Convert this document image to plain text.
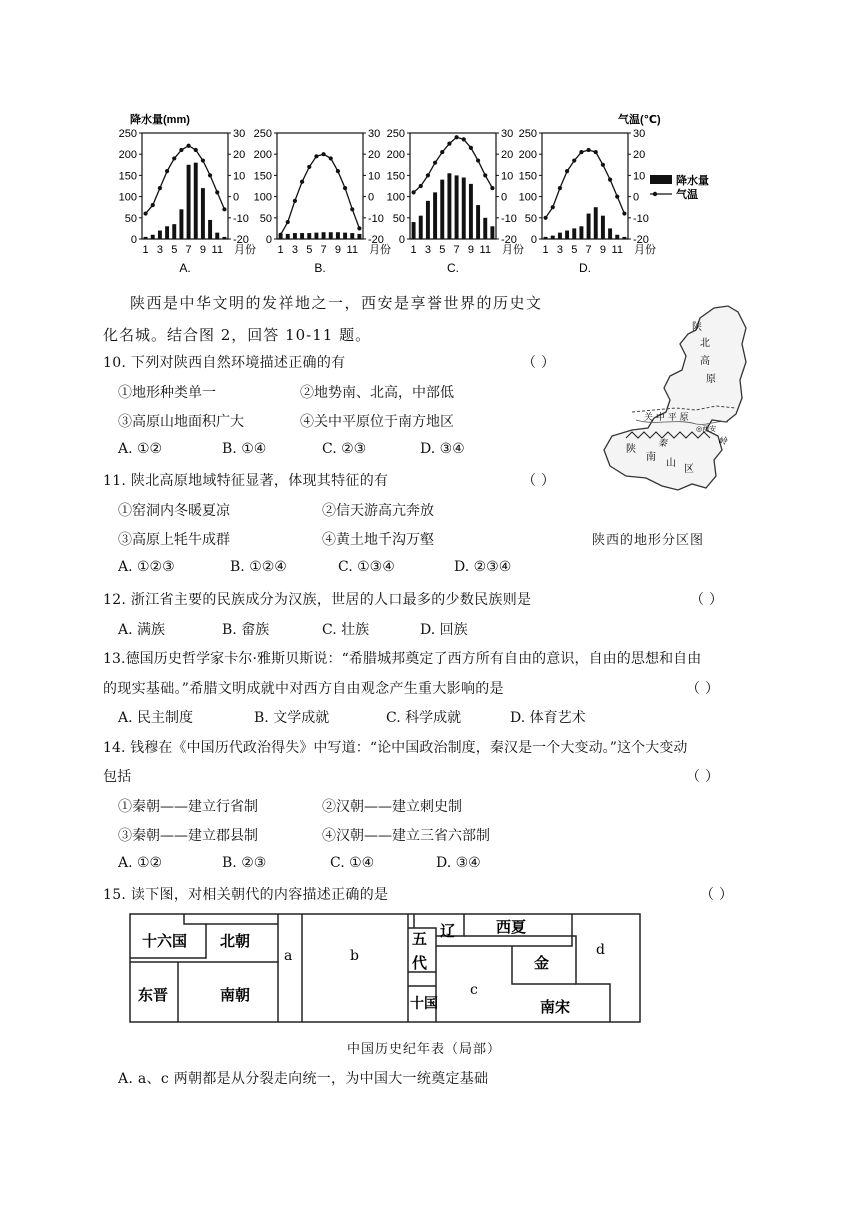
降水量(mm)	气温(℃)
250	30
200	20
150	10
100	0
50	-10
0	-20
1 3 5 7 9 11 月份
A.
250	30
200	20
150	10
100	0
50	-10
0	-20
1 3 5 7 9 11 月份
B.
250	30
200	20
150	10
100	0
50	-10
0	-20
1 3 5 7 9 11 月份
C.
250	30
200	20
150	10
100	0
50	-10
0	-20
1 3 5 7 9 11 月份
D.
降水量
气温
陕西是中华文明的发祥地之一，西安是享誉世界的历史文
化名城。结合图 2，回答 10-11 题。	陕
北
高
原
关 中 平 原
◎西安
秦	岭
陕
南
山
区
陕西的地形分区图
10. 下列对陕西自然环境描述正确的有	（ ）
①地形种类单一	②地势南、北高，中部低
③高原山地面积广大	④关中平原位于南方地区
A. ①②	B. ①④	C. ②③	D. ③④
11. 陕北高原地域特征显著，体现其特征的有	（ ）
①窑洞内冬暖夏凉	②信天游高亢奔放
③高原上牦牛成群	④黄土地千沟万壑
A. ①②③	B. ①②④	C. ①③④	D. ②③④
12. 浙江省主要的民族成分为汉族，世居的人口最多的少数民族则是	（ ）
A. 满族	B. 畲族	C. 壮族	D. 回族
13.德国历史哲学家卡尔·雅斯贝斯说：“希腊城邦奠定了西方所有自由的意识，自由的思想和自由
的现实基础。”希腊文明成就中对西方自由观念产生重大影响的是	（ ）
A. 民主制度	B. 文学成就	C. 科学成就	D. 体育艺术
14. 钱穆在《中国历代政治得失》中写道：“论中国政治制度，秦汉是一个大变动。”这个大变动
包括	（ ）
①秦朝——建立行省制	②汉朝——建立刺史制
③秦朝——建立郡县制	④汉朝——建立三省六部制
A. ①②	B. ②③	C. ①④	D. ③④
15. 读下图，对相关朝代的内容描述正确的是	（ ）
十六国 北朝
东晋	南朝
a	b
五
代
辽	西夏
金
d
c
十国	南宋
中国历史纪年表（局部）
A. a、c 两朝都是从分裂走向统一，为中国大一统奠定基础
